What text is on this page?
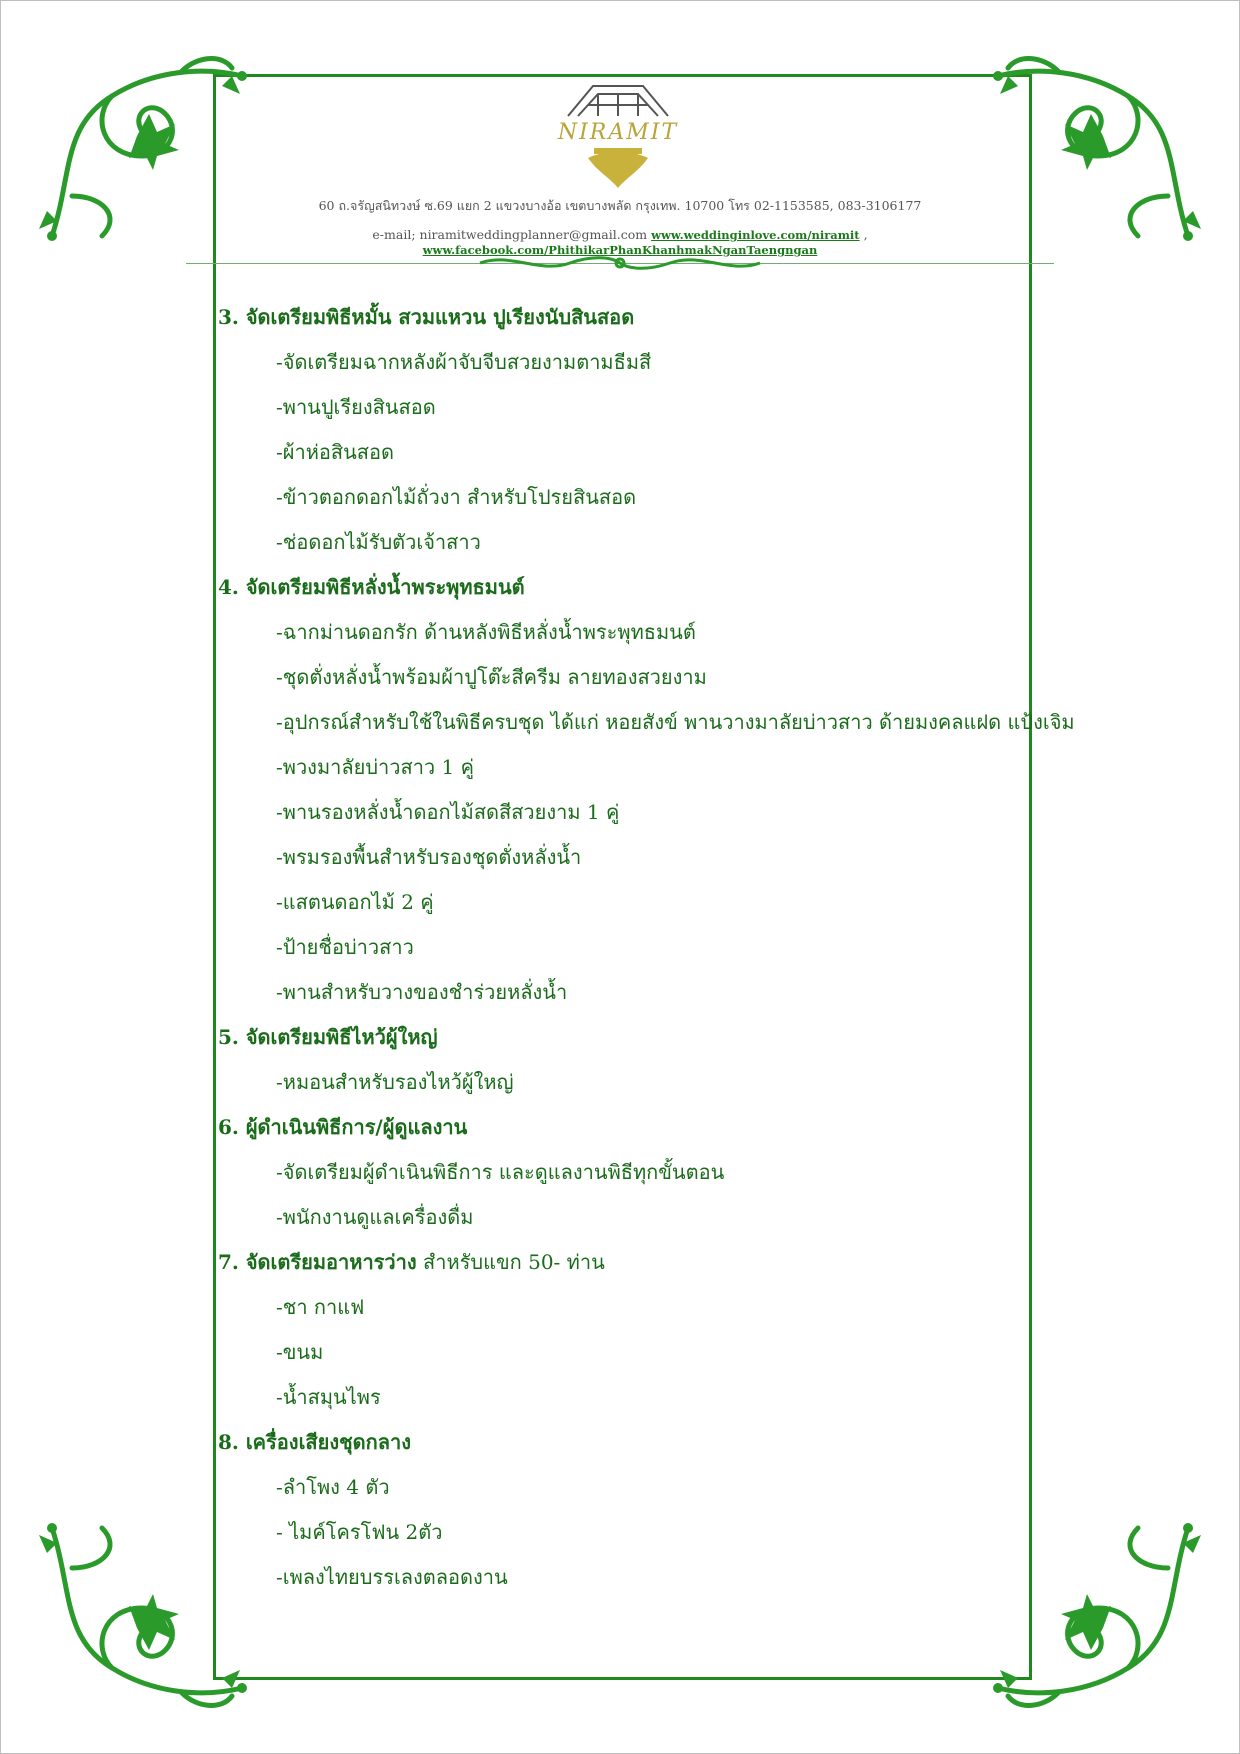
NIRAMIT
60 ถ.จรัญสนิทวงษ์ ซ.69 แยก 2 แขวงบางอ้อ เขตบางพลัด กรุงเทพ. 10700 โทร 02-1153585, 083-3106177
e-mail; niramitweddingplanner@gmail.com www.weddinginlove.com/niramit , www.facebook.com/PhithikarPhanKhanhmakNganTaengngan
3. จัดเตรียมพิธีหมั้น สวมแหวน ปูเรียงนับสินสอด
-จัดเตรียมฉากหลังผ้าจับจีบสวยงามตามธีมสี
-พานปูเรียงสินสอด
-ผ้าห่อสินสอด
-ข้าวตอกดอกไม้ถั่วงา สำหรับโปรยสินสอด
-ช่อดอกไม้รับตัวเจ้าสาว
4. จัดเตรียมพิธีหลั่งน้ำพระพุทธมนต์
-ฉากม่านดอกรัก ด้านหลังพิธีหลั่งน้ำพระพุทธมนต์
-ชุดตั่งหลั่งน้ำพร้อมผ้าปูโต๊ะสีครีม ลายทองสวยงาม
-อุปกรณ์สำหรับใช้ในพิธีครบชุด ได้แก่ หอยสังข์ พานวางมาลัยบ่าวสาว ด้ายมงคลแฝด แป้งเจิม
-พวงมาลัยบ่าวสาว 1 คู่
-พานรองหลั่งน้ำดอกไม้สดสีสวยงาม 1 คู่
-พรมรองพื้นสำหรับรองชุดตั่งหลั่งน้ำ
-แสตนดอกไม้ 2 คู่
-ป้ายชื่อบ่าวสาว
-พานสำหรับวางของชำร่วยหลั่งน้ำ
5. จัดเตรียมพิธีไหว้ผู้ใหญ่
-หมอนสำหรับรองไหว้ผู้ใหญ่
6. ผู้ดำเนินพิธีการ/ผู้ดูแลงาน
-จัดเตรียมผู้ดำเนินพิธีการ และดูแลงานพิธีทุกขั้นตอน
-พนักงานดูแลเครื่องดื่ม
7. จัดเตรียมอาหารว่าง สำหรับแขก 50- ท่าน
-ชา กาแฟ
-ขนม
-น้ำสมุนไพร
8. เครื่องเสียงชุดกลาง
-ลำโพง 4 ตัว
- ไมค์โครโฟน 2ตัว
-เพลงไทยบรรเลงตลอดงาน
